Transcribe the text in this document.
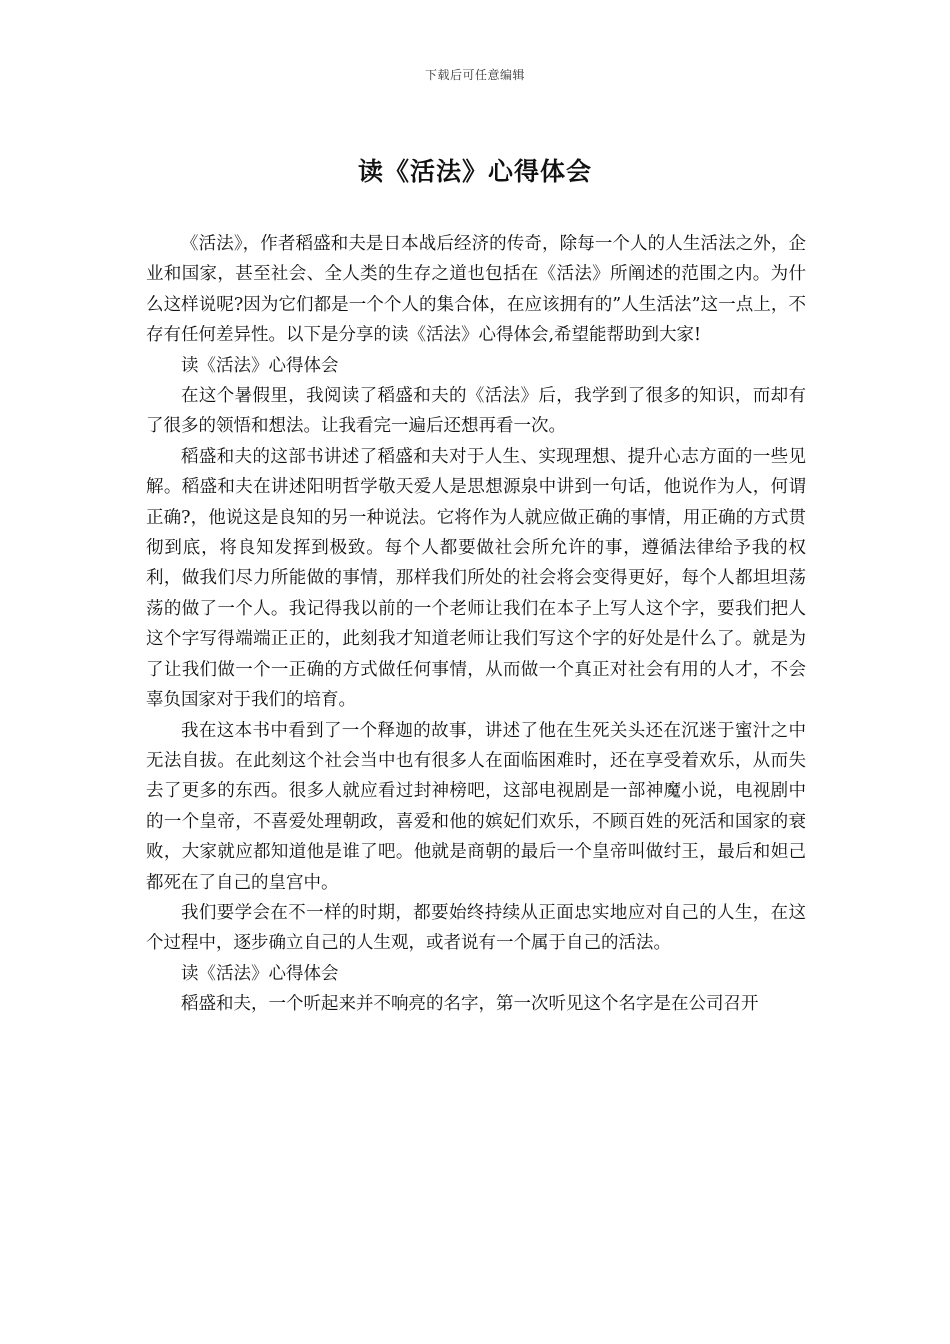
下载后可任意编辑
读《活法》心得体会

《活法》，作者稻盛和夫是日本战后经济的传奇，除每一个人的人生活法之外，企业和国家，甚至社会、全人类的生存之道也包括在《活法》所阐述的范围之内。为什么这样说呢?因为它们都是一个个人的集合体，在应该拥有的”人生活法”这一点上，不存有任何差异性。以下是分享的读《活法》心得体会,希望能帮助到大家!

读《活法》心得体会

在这个暑假里，我阅读了稻盛和夫的《活法》后，我学到了很多的知识，而却有了很多的领悟和想法。让我看完一遍后还想再看一次。

稻盛和夫的这部书讲述了稻盛和夫对于人生、实现理想、提升心志方面的一些见解。稻盛和夫在讲述阳明哲学敬天爱人是思想源泉中讲到一句话，他说作为人，何谓正确?，他说这是良知的另一种说法。它将作为人就应做正确的事情，用正确的方式贯彻到底，将良知发挥到极致。每个人都要做社会所允许的事，遵循法律给予我的权利，做我们尽力所能做的事情，那样我们所处的社会将会变得更好，每个人都坦坦荡荡的做了一个人。我记得我以前的一个老师让我们在本子上写人这个字，要我们把人这个字写得端端正正的，此刻我才知道老师让我们写这个字的好处是什么了。就是为了让我们做一个一正确的方式做任何事情，从而做一个真正对社会有用的人才，不会辜负国家对于我们的培育。

我在这本书中看到了一个释迦的故事，讲述了他在生死关头还在沉迷于蜜汁之中无法自拔。在此刻这个社会当中也有很多人在面临困难时，还在享受着欢乐，从而失去了更多的东西。很多人就应看过封神榜吧，这部电视剧是一部神魔小说，电视剧中的一个皇帝，不喜爱处理朝政，喜爱和他的嫔妃们欢乐，不顾百姓的死活和国家的衰败，大家就应都知道他是谁了吧。他就是商朝的最后一个皇帝叫做纣王，最后和妲己都死在了自己的皇宫中。

我们要学会在不一样的时期，都要始终持续从正面忠实地应对自己的人生，在这个过程中，逐步确立自己的人生观，或者说有一个属于自己的活法。

读《活法》心得体会

稻盛和夫，一个听起来并不响亮的名字，第一次听见这个名字是在公司召开
